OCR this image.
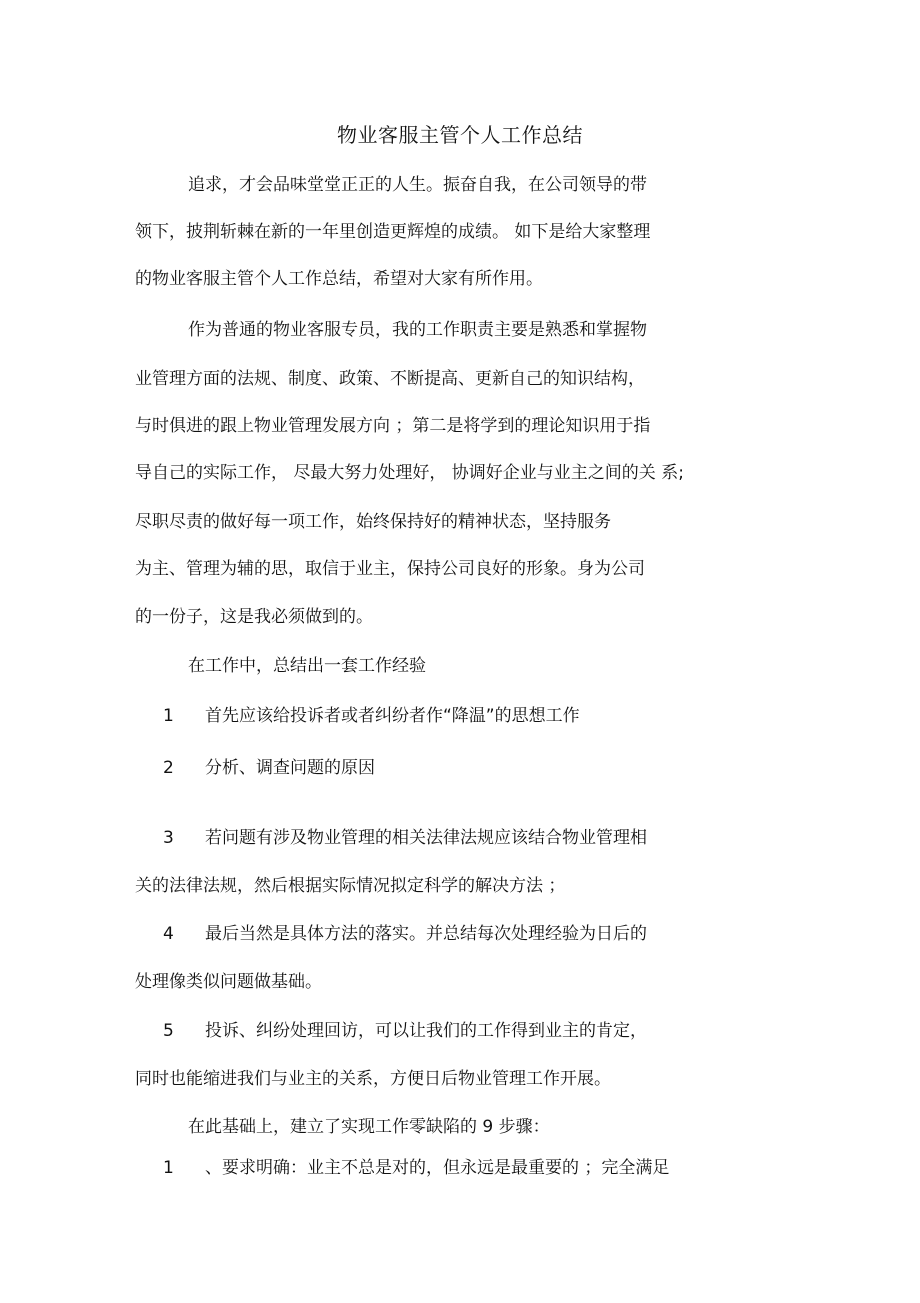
物业客服主管个人工作总结
追求，才会品味堂堂正正的人生。振奋自我，在公司领导的带
领下，披荆斩棘在新的一年里创造更辉煌的成绩。 如下是给大家整理
的物业客服主管个人工作总结，希望对大家有所作用。
作为普通的物业客服专员，我的工作职责主要是熟悉和掌握物
业管理方面的法规、制度、政策、不断提高、更新自己的知识结构，
与时俱进的跟上物业管理发展方向 ；第二是将学到的理论知识用于指
导自己的实际工作， 尽最大努力处理好， 协调好企业与业主之间的关 系;
尽职尽责的做好每一项工作，始终保持好的精神状态，坚持服务
为主、管理为辅的思，取信于业主，保持公司良好的形象。身为公司
的一份子，这是我必须做到的。
在工作中，总结出一套工作经验
1 首先应该给投诉者或者纠纷者作“降温”的思想工作
2 分析、调查问题的原因
3 若问题有涉及物业管理的相关法律法规应该结合物业管理相
关的法律法规，然后根据实际情况拟定科学的解决方法 ；
4 最后当然是具体方法的落实。并总结每次处理经验为日后的
处理像类似问题做基础。
5 投诉、纠纷处理回访，可以让我们的工作得到业主的肯定，
同时也能缩进我们与业主的关系，方便日后物业管理工作开展。
在此基础上，建立了实现工作零缺陷的 9 步骤：
1 、要求明确：业主不总是对的，但永远是最重要的 ；完全满足
